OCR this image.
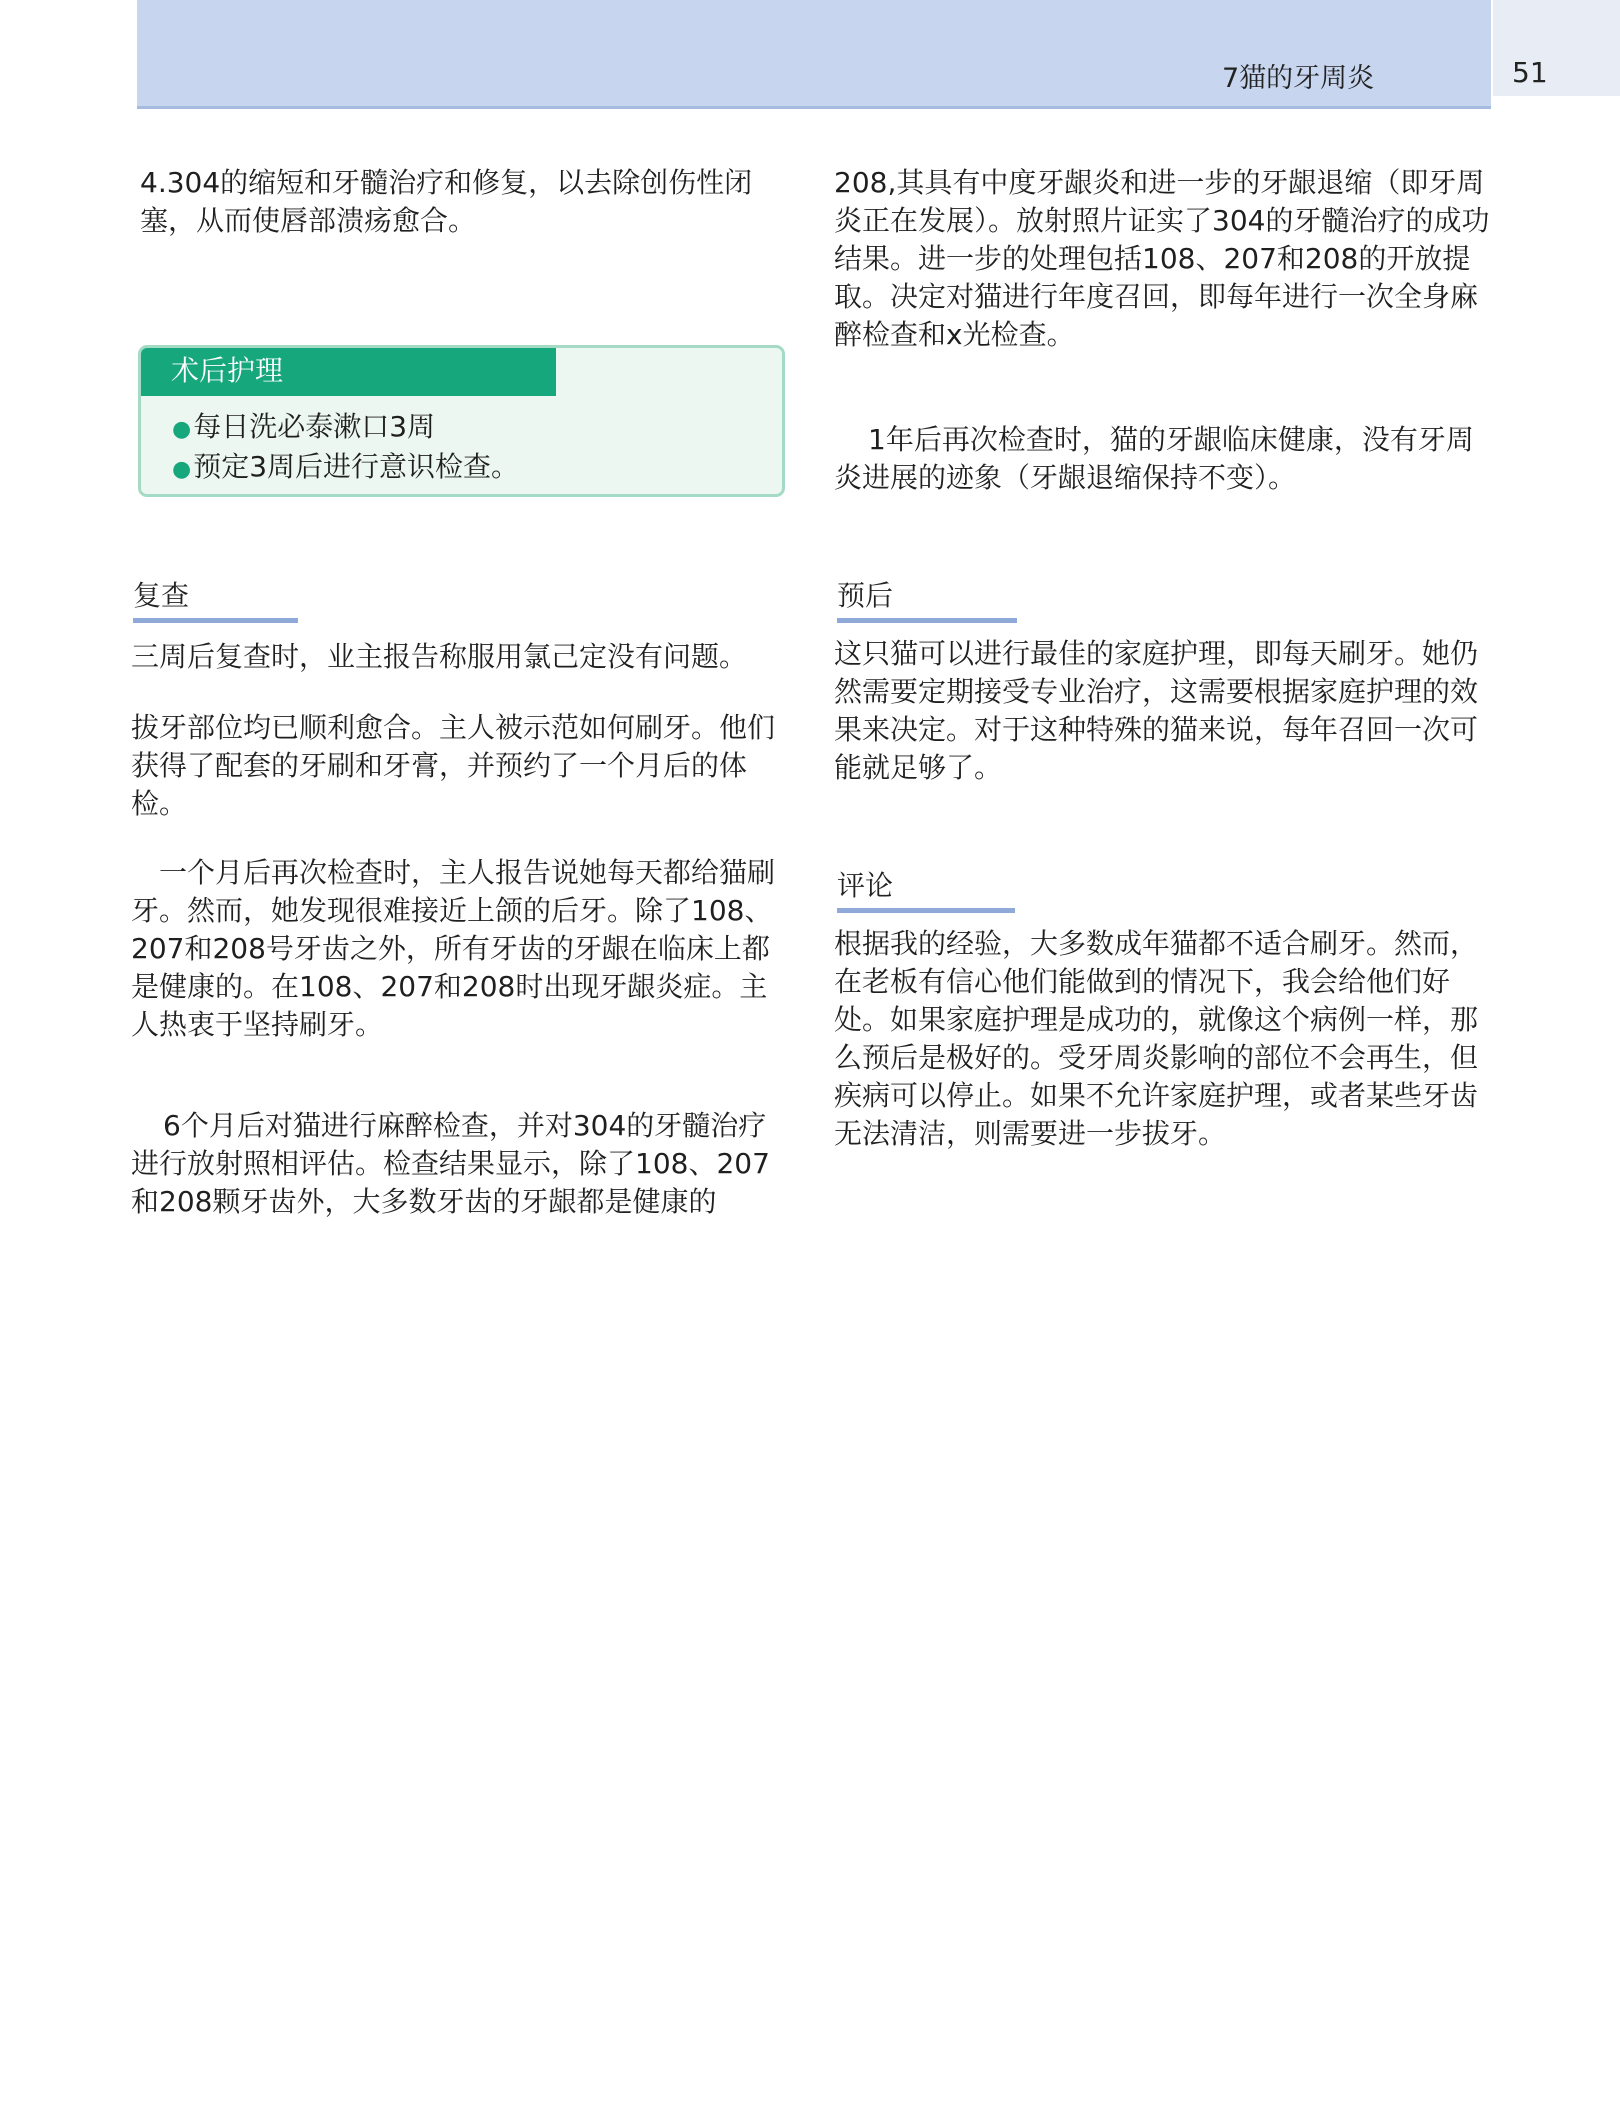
7猫的牙周炎	51

4.304的缩短和牙髓治疗和修复，以去除创伤性闭塞，从而使唇部溃疡愈合。

术后护理
●每日洗必泰漱口3周
●预定3周后进行意识检查。
复查

三周后复查时，业主报告称服用氯己定没有问题。

拔牙部位均已顺利愈合。主人被示范如何刷牙。他们获得了配套的牙刷和牙膏，并预约了一个月后的体检。

一个月后再次检查时，主人报告说她每天都给猫刷牙。然而，她发现很难接近上颌的后牙。除了108、207和208号牙齿之外，所有牙齿的牙龈在临床上都是健康的。在108、207和208时出现牙龈炎症。主人热衷于坚持刷牙。

6个月后对猫进行麻醉检查，并对304的牙髓治疗进行放射照相评估。检查结果显示，除了108、207和208颗牙齿外，大多数牙齿的牙龈都是健康的

208,其具有中度牙龈炎和进一步的牙龈退缩（即牙周炎正在发展）。放射照片证实了304的牙髓治疗的成功结果。进一步的处理包括108、207和208的开放提取。决定对猫进行年度召回，即每年进行一次全身麻醉检查和x光检查。

1年后再次检查时，猫的牙龈临床健康，没有牙周炎进展的迹象（牙龈退缩保持不变）。

预后

这只猫可以进行最佳的家庭护理，即每天刷牙。她仍然需要定期接受专业治疗，这需要根据家庭护理的效果来决定。对于这种特殊的猫来说，每年召回一次可能就足够了。

评论

根据我的经验，大多数成年猫都不适合刷牙。然而，在老板有信心他们能做到的情况下，我会给他们好处。如果家庭护理是成功的，就像这个病例一样，那么预后是极好的。受牙周炎影响的部位不会再生，但疾病可以停止。如果不允许家庭护理，或者某些牙齿无法清洁，则需要进一步拔牙。
